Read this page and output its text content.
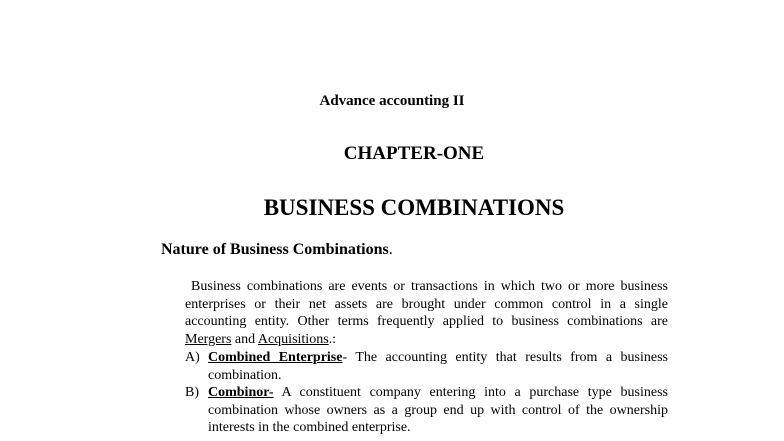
Advance accounting II

CHAPTER-ONE

BUSINESS COMBINATIONS

Nature of Business Combinations.

Business combinations are events or transactions in which two or more business enterprises or their net assets are brought under common control in a single accounting entity. Other terms frequently applied to business combinations are Mergers and Acquisitions.:

A) Combined Enterprise- The accounting entity that results from a business combination.
B) Combinor- A constituent company entering into a purchase type business combination whose owners as a group end up with control of the ownership interests in the combined enterprise.
